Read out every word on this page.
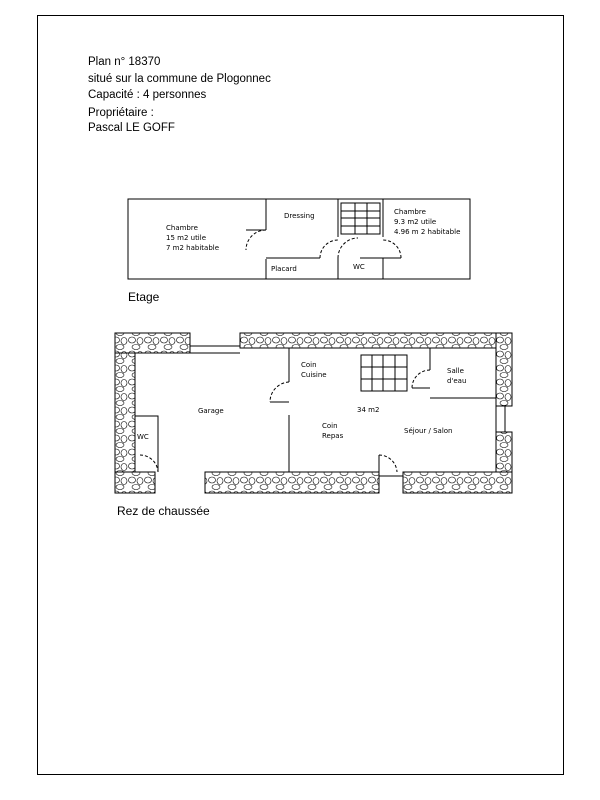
Plan n° 18370
situé sur la commune de Plogonnec
Capacité : 4 personnes
Propriétaire :
Pascal LE GOFF
Chambre
15 m2 utile
7 m2 habitable
Dressing
Placard	WC
Chambre
9.3 m2 utile
4.96 m 2 habitable
Etage
WC
Garage
Coin
Cuisine
34 m2
Coin
Repas
Séjour / Salon
Salle
d'eau
Rez de chaussée
